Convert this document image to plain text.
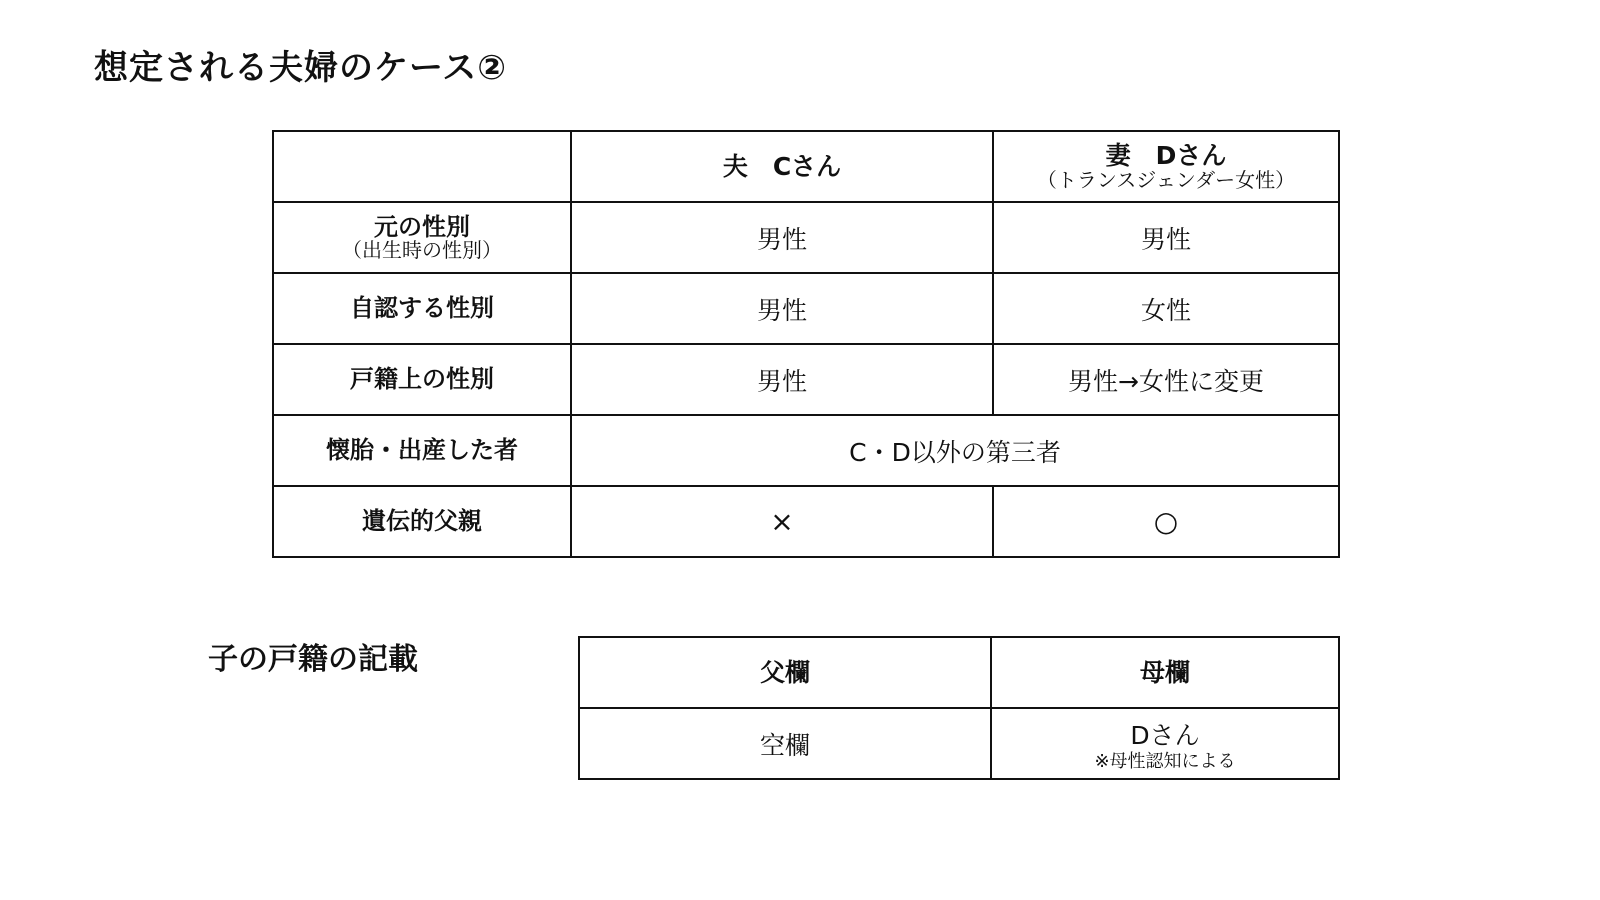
想定される夫婦のケース②
	夫　Cさん	妻　Dさん
（トランスジェンダー女性）

元の性別
（出生時の性別）	男性	男性
自認する性別	男性	女性
戸籍上の性別	男性	男性→女性に変更
懐胎・出産した者	C・D以外の第三者	
遺伝的父親	×	○
子の戸籍の記載	父欄	母欄
空欄	Dさん
※母性認知による
